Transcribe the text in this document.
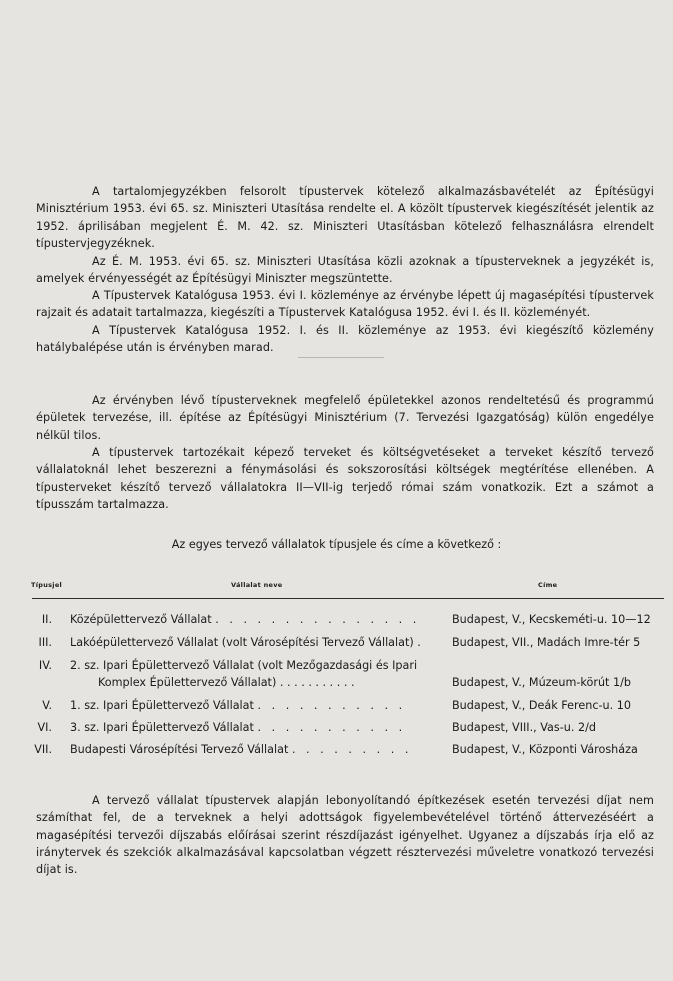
A tartalomjegyzékben felsorolt típustervek kötelező alkalmazásbavételét az Építésügyi Minisztérium 1953. évi 65. sz. Miniszteri Utasítása rendelte el. A közölt típustervek kiegészítését jelentik az 1952. áprilisában megjelent É. M. 42. sz. Miniszteri Utasításban kötelező felhasználásra elrendelt típustervjegyzéknek.

Az É. M. 1953. évi 65. sz. Miniszteri Utasítása közli azoknak a típusterveknek a jegyzékét is, amelyek érvényességét az Építésügyi Miniszter megszüntette.

A Típustervek Katalógusa 1953. évi I. közleménye az érvénybe lépett új magasépítési típustervek rajzait és adatait tartalmazza, kiegészíti a Típustervek Katalógusa 1952. évi I. és II. közleményét.

A Típustervek Katalógusa 1952. I. és II. közleménye az 1953. évi kiegészítő közlemény hatálybalépése után is érvényben marad.

Az érvényben lévő típusterveknek megfelelő épületekkel azonos rendeltetésű és programmú épületek tervezése, ill. építése az Építésügyi Minisztérium (7. Tervezési Igazgatóság) külön engedélye nélkül tilos.

A típustervek tartozékait képező terveket és költségvetéseket a terveket készítő tervező vállalatoknál lehet beszerezni a fénymásolási és sokszorosítási költségek megtérítése ellenében. A típusterveket készítő tervező vállalatokra II—VII-ig terjedő római szám vonatkozik. Ezt a számot a típusszám tartalmazza.

Az egyes tervező vállalatok típusjele és címe a következő :

Típusjel	Vállalat neve	Címe
II. Középülettervező Vállalat . . . . . . . . . . . . . . .	Budapest, V., Kecskeméti-u. 10—12
III. Lakóépülettervező Vállalat (volt Városépítési Tervező Vállalat) .	Budapest, VII., Madách Imre-tér 5
IV. 2. sz. Ipari Épülettervező Vállalat (volt Mezőgazdasági és Ipari
Komplex Épülettervező Vállalat) . . . . . . . . . . .	Budapest, V., Múzeum-körút 1/b
V. 1. sz. Ipari Épülettervező Vállalat . . . . . . . . . . .	Budapest, V., Deák Ferenc-u. 10
VI. 3. sz. Ipari Épülettervező Vállalat . . . . . . . . . . .	Budapest, VIII., Vas-u. 2/d
VII. Budapesti Városépítési Tervező Vállalat . . . . . . . . .	Budapest, V., Központi Városháza

A tervező vállalat típustervek alapján lebonyolítandó építkezések esetén tervezési díjat nem számíthat fel, de a terveknek a helyi adottságok figyelembevételével történő áttervezéséért a magasépítési tervezői díjszabás előírásai szerint részdíjazást igényelhet. Ugyanez a díjszabás írja elő az iránytervek és szekciók alkalmazásával kapcsolatban végzett résztervezési műveletre vonatkozó tervezési díjat is.
